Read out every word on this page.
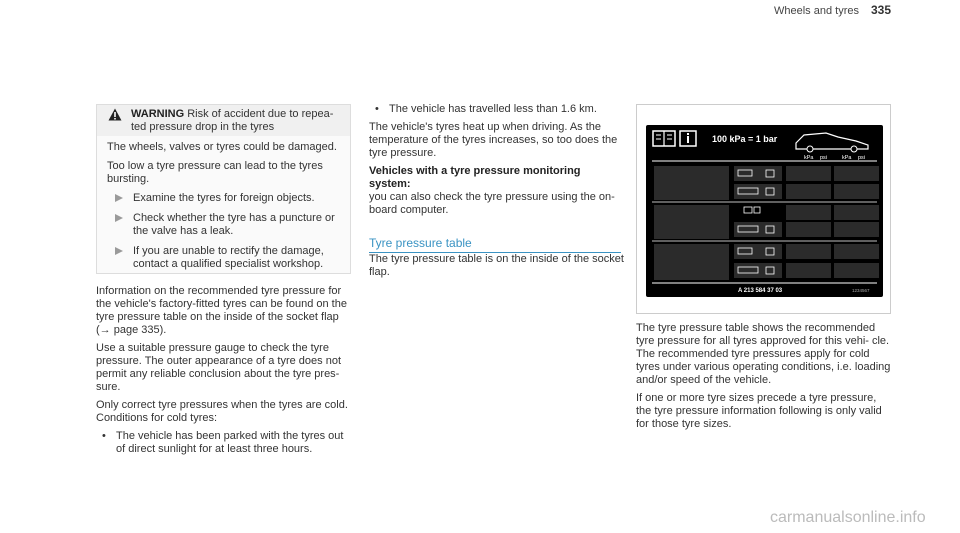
Wheels and tyres 335
WARNING Risk of accident due to repea- ted pressure drop in the tyres

The wheels, valves or tyres could be damaged.

Too low a tyre pressure can lead to the tyres bursting.

Examine the tyres for foreign objects.
Check whether the tyre has a puncture or the valve has a leak.
If you are unable to rectify the damage, contact a qualified specialist workshop.

Information on the recommended tyre pressure for the vehicle's factory-fitted tyres can be found on the tyre pressure table on the inside of the socket flap (→ page 335).

Use a suitable pressure gauge to check the tyre pressure. The outer appearance of a tyre does not permit any reliable conclusion about the tyre pres- sure.

Only correct tyre pressures when the tyres are cold. Conditions for cold tyres:

• The vehicle has been parked with the tyres out of direct sunlight for at least three hours.

• The vehicle has travelled less than 1.6 km.

The vehicle's tyres heat up when driving. As the temperature of the tyres increases, so too does the tyre pressure.

Vehicles with a tyre pressure monitoring system:

you can also check the tyre pressure using the on-board computer.

Tyre pressure table
The tyre pressure table is on the inside of the socket flap.
100 kPa = 1 bar
kPa psi	kPa psi
A 213 584 37 03	1234567

The tyre pressure table shows the recommended tyre pressure for all tyres approved for this vehi- cle. The recommended tyre pressures apply for cold tyres under various operating conditions, i.e. loading and/or speed of the vehicle.

If one or more tyre sizes precede a tyre pressure, the tyre pressure information following is only valid for those tyre sizes.

carmanualsonline.info
